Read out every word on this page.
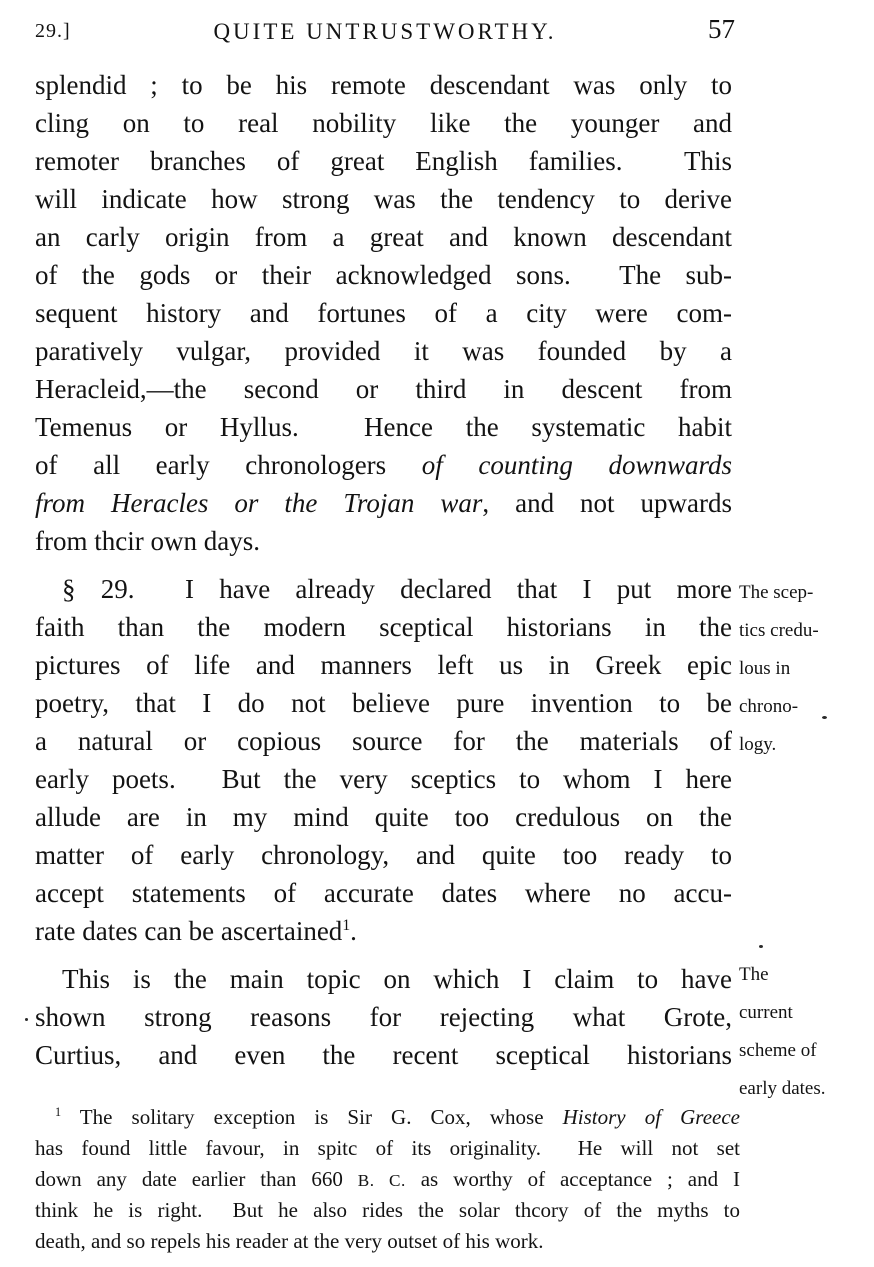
29.]	QUITE UNTRUSTWORTHY.	57
splendid ; to be his remote descendant was only to
cling on to real nobility like the younger and
remoter branches of great English families.  This
will indicate how strong was the tendency to derive
an carly origin from a great and known descendant
of the gods or their acknowledged sons.  The sub-
sequent history and fortunes of a city were com-
paratively vulgar, provided it was founded by a
Heracleid,—the second or third in descent from
Temenus or Hyllus.  Hence the systematic habit
of all early chronologers of counting downwards
from Heracles or the Trojan war, and not upwards
from thcir own days.
§ 29.  I have already declared that I put more
faith than the modern sceptical historians in the
pictures of life and manners left us in Greek epic
poetry, that I do not believe pure invention to be
a natural or copious source for the materials of
early poets.  But the very sceptics to whom I here
allude are in my mind quite too credulous on the
matter of early chronology, and quite too ready to
accept statements of accurate dates where no accu-
rate dates can be ascertained$^1$.
This is the main topic on which I claim to have
shown strong reasons for rejecting what Grote,
Curtius, and even the recent sceptical historians
The scep-
tics credu-
lous in
chrono-
logy.
The
current
scheme of
early dates.
$^1$ The solitary exception is Sir G. Cox, whose History of Greece
has found little favour, in spitc of its originality.  He will not set
down any date earlier than 660 B. C. as worthy of acceptance ; and I
think he is right.  But he also rides the solar thcory of the myths to
death, and so repels his reader at the very outset of his work.
